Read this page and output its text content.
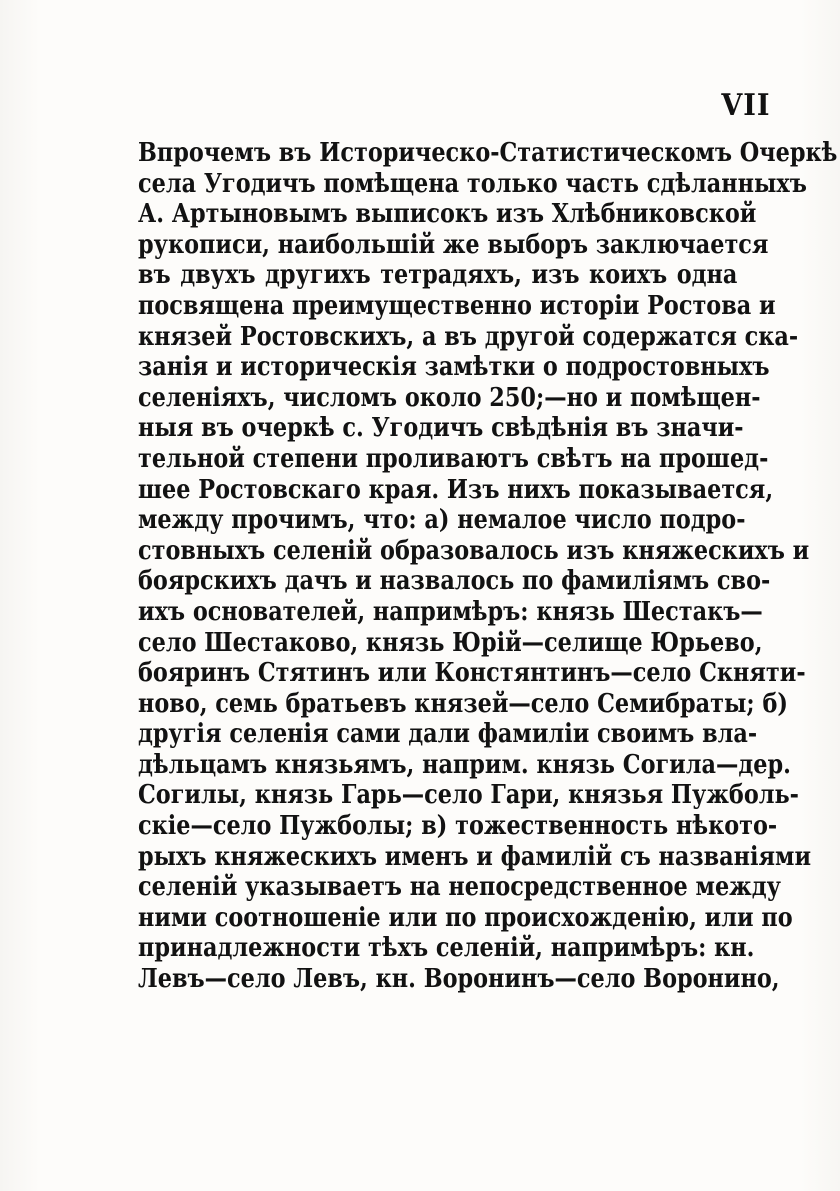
VII
Впрочемъ въ Историческо-Статистическомъ Очеркѣ
села Угодичъ помѣщена только часть сдѣланныхъ
А. Артыновымъ выписокъ изъ Хлѣбниковской
рукописи, наибольшій же выборъ заключается
въ двухъ другихъ тетрадяхъ, изъ коихъ одна
посвящена преимущественно исторіи Ростова и
князей Ростовскихъ, а въ другой содержатся ска-
занія и историческія замѣтки о подростовныхъ
селеніяхъ, числомъ около 250;—но и помѣщен-
ныя въ очеркѣ с. Угодичъ свѣдѣнія въ значи-
тельной степени проливаютъ свѣтъ на прошед-
шее Ростовскаго края. Изъ нихъ показывается,
между прочимъ, что: а) немалое число подро-
стовныхъ селеній образовалось изъ княжескихъ и
боярскихъ дачъ и назвалось по фамиліямъ сво-
ихъ основателей, напримѣръ: князь Шестакъ—
село Шестаково, князь Юрій—селище Юрьево,
бояринъ Стятинъ или Констянтинъ—село Скняти-
ново, семь братьевъ князей—село Семибраты; б)
другія селенія сами дали фамиліи своимъ вла-
дѣльцамъ князьямъ, наприм. князь Согила—дер.
Согилы, князь Гарь—село Гари, князья Пужболь-
скіе—село Пужболы; в) тожественность нѣкото-
рыхъ княжескихъ именъ и фамилій съ названіями
селеній указываетъ на непосредственное между
ними соотношеніе или по происхожденію, или по
принадлежности тѣхъ селеній, напримѣръ: кн.
Левъ—село Левъ, кн. Воронинъ—село Воронино,
